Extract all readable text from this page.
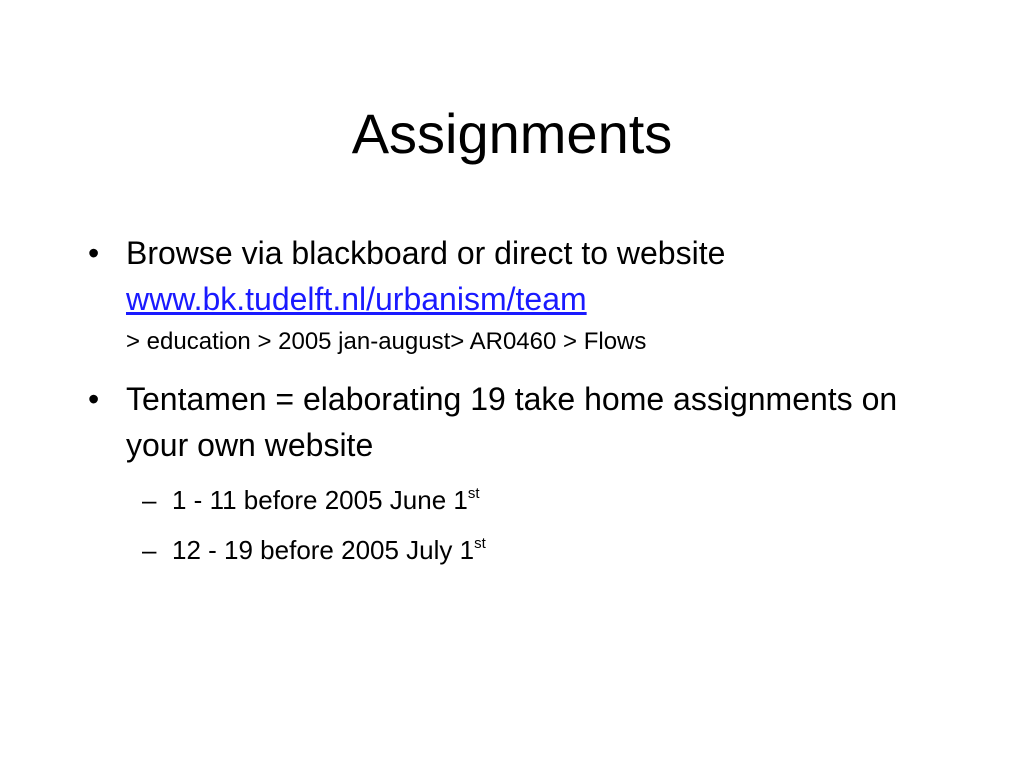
Assignments
• Browse via blackboard or direct to website
www.bk.tudelft.nl/urbanism/team
> education > 2005 jan-august> AR0460 > Flows
• Tentamen = elaborating 19 take home assignments on your own website
– 1 - 11 before 2005 June 1st
– 12 - 19 before 2005 July 1st
